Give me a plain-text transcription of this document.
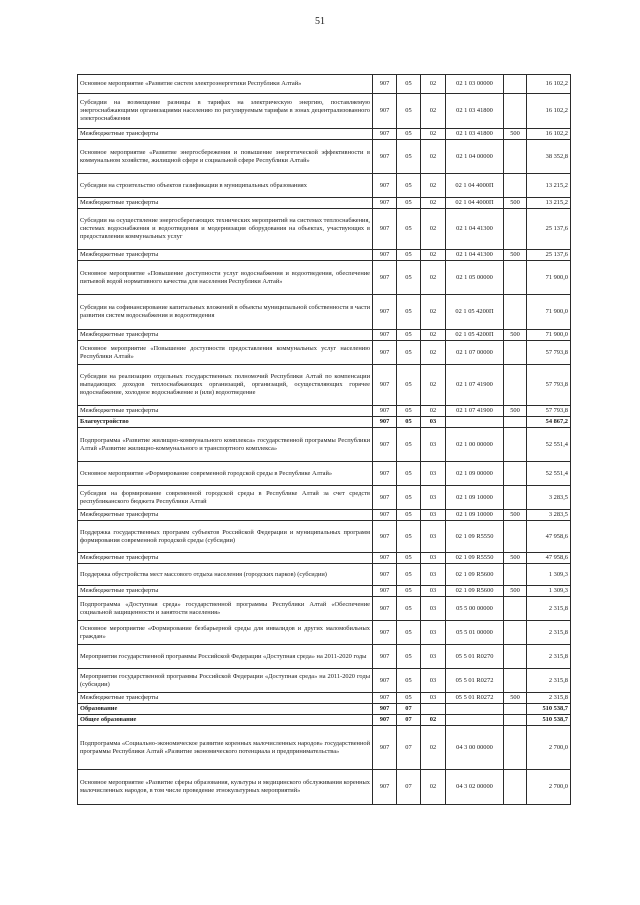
51
Основное мероприятие «Развитие систем электроэнергетики Республики Алтай»	907	05	02	02 1 03 00000		16 102,2
Субсидии на возмещение разницы в тарифах на электрическую энергию, поставляемую энергоснабжающими организациями населению по регулируемым тарифам в зонах децентрализованного электроснабжения	907	05	02	02 1 03 41800		16 102,2
Межбюджетные трансферты	907	05	02	02 1 03 41800	500	16 102,2
Основное мероприятие «Развитие энергосбережения и повышение энергетической эффективности в коммунальном хозяйстве, жилищной сфере и социальной сфере Республики Алтай»	907	05	02	02 1 04 00000		38 352,8
Субсидии на строительство объектов газификации в муниципальных образованиях	907	05	02	02 1 04 4000П		13 215,2
Межбюджетные трансферты	907	05	02	02 1 04 4000П	500	13 215,2
Субсидии на осуществление энергосберегающих технических мероприятий на системах теплоснабжения, системах водоснабжения и водоотведения и модернизация оборудования на объектах, участвующих в предоставлении коммунальных услуг	907	05	02	02 1 04 41300		25 137,6
Межбюджетные трансферты	907	05	02	02 1 04 41300	500	25 137,6
Основное мероприятие «Повышение доступности услуг водоснабжения и водоотведения, обеспечение питьевой водой нормативного качества для населения Республики Алтай»	907	05	02	02 1 05 00000		71 900,0
Субсидии на софинансирование капитальных вложений в объекты муниципальной собственности в части развития систем водоснабжения и водоотведения	907	05	02	02 1 05 4200П		71 900,0
Межбюджетные трансферты	907	05	02	02 1 05 4200П	500	71 900,0
Основное мероприятие «Повышение доступности предоставления коммунальных услуг населению Республики Алтай»	907	05	02	02 1 07 00000		57 793,8
Субсидии на реализацию отдельных государственных полномочий Республики Алтай по компенсации выпадающих доходов теплоснабжающих организаций, организаций, осуществляющих горячее водоснабжение, холодное водоснабжение и (или) водоотведение	907	05	02	02 1 07 41900		57 793,8
Межбюджетные трансферты	907	05	02	02 1 07 41900	500	57 793,8
Благоустройство	907	05	03			54 867,2
Подпрограмма «Развитие жилищно-коммунального комплекса» государственной программы Республики Алтай «Развитие жилищно-коммунального и транспортного комплекса»	907	05	03	02 1 00 00000		52 551,4
Основное мероприятие «Формирование современной городской среды в Республике Алтай»	907	05	03	02 1 09 00000		52 551,4
Субсидия на формирование современной городской среды в Республике Алтай за счет средств республиканского бюджета Республики Алтай	907	05	03	02 1 09 10000		3 283,5
Межбюджетные трансферты	907	05	03	02 1 09 10000	500	3 283,5
Поддержка государственных программ субъектов Российской Федерации и муниципальных программ формирования современной городской среды (субсидии)	907	05	03	02 1 09 R5550		47 958,6
Межбюджетные трансферты	907	05	03	02 1 09 R5550	500	47 958,6
Поддержка обустройства мест массового отдыха населения (городских парков) (субсидии)	907	05	03	02 1 09 R5600		1 309,3
Межбюджетные трансферты	907	05	03	02 1 09 R5600	500	1 309,3
Подпрограмма «Доступная среда» государственной программы Республики Алтай «Обеспечение социальной защищенности и занятости населения»	907	05	03	05 5 00 00000		2 315,8
Основное мероприятие «Формирование безбарьерной среды для инвалидов и других маломобильных граждан»	907	05	03	05 5 01 00000		2 315,8
Мероприятия государственной программы Российской Федерации «Доступная среда» на 2011-2020 годы	907	05	03	05 5 01 R0270		2 315,8
Мероприятия государственной программы Российской Федерации «Доступная среда» на 2011-2020 годы (субсидии)	907	05	03	05 5 01 R0272		2 315,8
Межбюджетные трансферты	907	05	03	05 5 01 R0272	500	2 315,8
Образование	907	07				510 538,7
Общее образование	907	07	02			510 538,7
Подпрограмма «Социально-экономическое развитие коренных малочисленных народов» государственной программы Республики Алтай «Развитие экономического потенциала и предпринимательства»	907	07	02	04 3 00 00000		2 700,0
Основное мероприятие «Развитие сферы образования, культуры и медицинского обслуживания коренных малочисленных народов, в том числе проведение этнокультурных мероприятий»	907	07	02	04 3 02 00000		2 700,0
